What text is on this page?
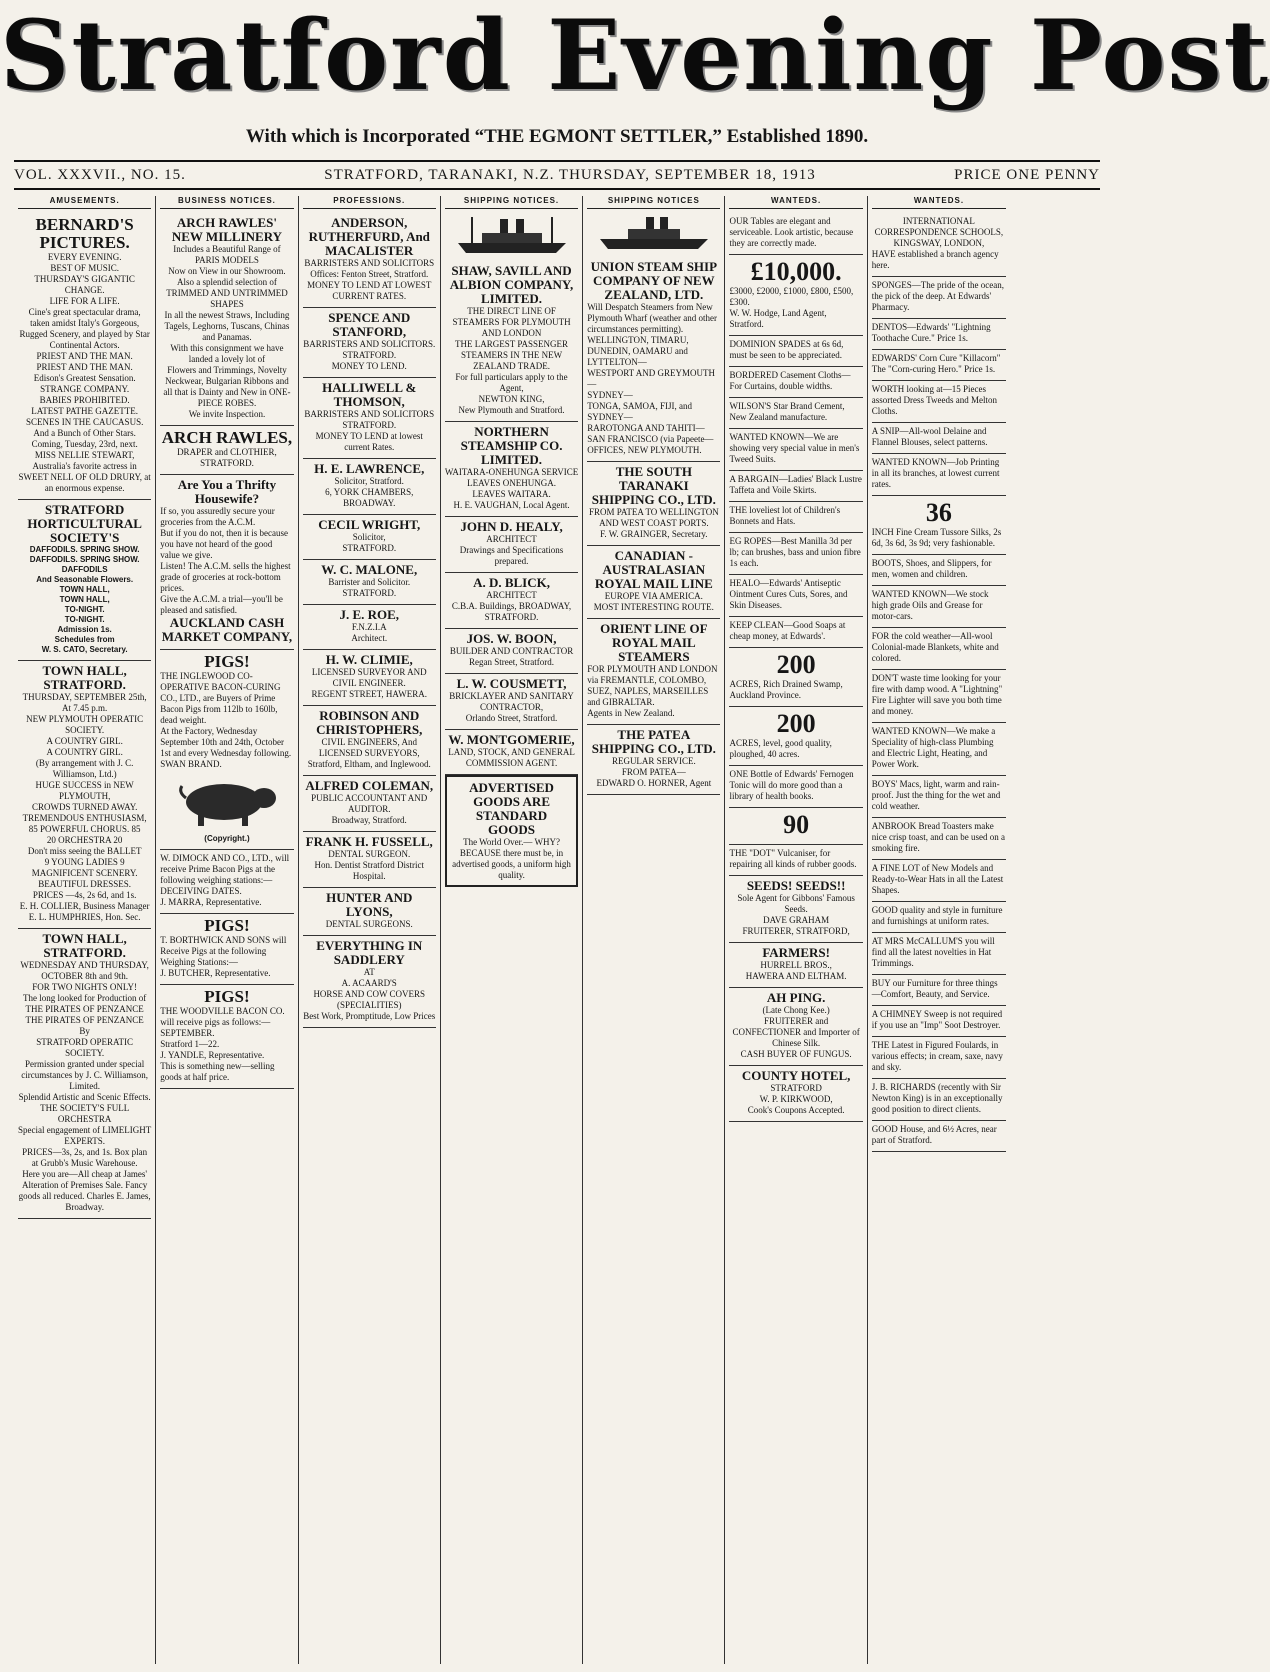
Stratford Evening Post
With which is Incorporated “THE EGMONT SETTLER,” Established 1890.
VOL. XXXVII., NO. 15.	STRATFORD, TARANAKI, N.Z. THURSDAY, SEPTEMBER 18, 1913	PRICE ONE PENNY
AMUSEMENTS.
BERNARD'S PICTURES.
EVERY EVENING.
BEST OF MUSIC.
THURSDAY'S GIGANTIC CHANGE.
LIFE FOR A LIFE.
Cine's great spectacular drama, taken amidst Italy's Gorgeous, Rugged Scenery, and played by Star Continental Actors.
PRIEST AND THE MAN.
PRIEST AND THE MAN.
Edison's Greatest Sensation.
STRANGE COMPANY.
BABIES PROHIBITED.
LATEST PATHE GAZETTE.
SCENES IN THE CAUCASUS.
And a Bunch of Other Stars.
Coming, Tuesday, 23rd, next.
MISS NELLIE STEWART, Australia's favorite actress in SWEET NELL OF OLD DRURY, at an enormous expense.
STRATFORD HORTICULTURAL SOCIETY'S
DAFFODILS. SPRING SHOW.
DAFFODILS. SPRING SHOW.
DAFFODILS
And Seasonable Flowers.
TOWN HALL,
TOWN HALL,
TO-NIGHT.
TO-NIGHT.
Admission 1s.
Schedules from
W. S. CATO, Secretary.
TOWN HALL, STRATFORD.
THURSDAY, SEPTEMBER 25th, At 7.45 p.m.
NEW PLYMOUTH OPERATIC SOCIETY.
A COUNTRY GIRL.
A COUNTRY GIRL.
(By arrangement with J. C. Williamson, Ltd.)
HUGE SUCCESS in NEW PLYMOUTH,
CROWDS TURNED AWAY.
TREMENDOUS ENTHUSIASM,
85 POWERFUL CHORUS. 85
20 ORCHESTRA 20
Don't miss seeing the BALLET
9 YOUNG LADIES 9
MAGNIFICENT SCENERY.
BEAUTIFUL DRESSES.
PRICES —4s, 2s 6d, and 1s.
E. H. COLLIER, Business Manager
E. L. HUMPHRIES, Hon. Sec.
TOWN HALL, STRATFORD.
WEDNESDAY AND THURSDAY,
OCTOBER 8th and 9th.
FOR TWO NIGHTS ONLY!
The long looked for Production of
THE PIRATES OF PENZANCE
THE PIRATES OF PENZANCE
By
STRATFORD OPERATIC SOCIETY.
Permission granted under special circumstances by J. C. Williamson, Limited.
Splendid Artistic and Scenic Effects.
THE SOCIETY'S FULL ORCHESTRA
Special engagement of LIMELIGHT EXPERTS.
PRICES—3s, 2s, and 1s. Box plan at Grubb's Music Warehouse.
Here you are—All cheap at James' Alteration of Premises Sale. Fancy goods all reduced. Charles E. James, Broadway.
BUSINESS NOTICES.
ARCH RAWLES'
NEW MILLINERY
Includes a Beautiful Range of PARIS MODELS
Now on View in our Showroom.
Also a splendid selection of TRIMMED AND UNTRIMMED SHAPES
In all the newest Straws, Including Tagels, Leghorns, Tuscans, Chinas and Panamas.
With this consignment we have landed a lovely lot of
Flowers and Trimmings, Novelty Neckwear, Bulgarian Ribbons and all that is Dainty and New in ONE-PIECE ROBES.
We invite Inspection.
ARCH RAWLES,
DRAPER and CLOTHIER, STRATFORD.
Are You a Thrifty Housewife?
If so, you assuredly secure your groceries from the A.C.M.
But if you do not, then it is because you have not heard of the good value we give.
Listen! The A.C.M. sells the highest grade of groceries at rock-bottom prices.
Give the A.C.M. a trial—you'll be pleased and satisfied.
AUCKLAND CASH MARKET COMPANY,
PIGS!
THE INGLEWOOD CO-OPERATIVE BACON-CURING CO., LTD., are Buyers of Prime Bacon Pigs from 112lb to 160lb, dead weight.
At the Factory, Wednesday September 10th and 24th, October 1st and every Wednesday following.
SWAN BRAND.
(Copyright.)
W. DIMOCK AND CO., LTD., will receive Prime Bacon Pigs at the following weighing stations:—
DECEIVING DATES.
J. MARRA, Representative.
PIGS!
T. BORTHWICK AND SONS will Receive Pigs at the following Weighing Stations:—
J. BUTCHER, Representative.
PIGS!
THE WOODVILLE BACON CO. will receive pigs as follows:—
SEPTEMBER.
Stratford 1—22.
J. YANDLE, Representative.
This is something new—selling goods at half price.
PROFESSIONS.
ANDERSON, RUTHERFURD, And MACALISTER
BARRISTERS AND SOLICITORS
Offices: Fenton Street, Stratford.
MONEY TO LEND AT LOWEST CURRENT RATES.
SPENCE AND STANFORD,
BARRISTERS AND SOLICITORS. STRATFORD.
MONEY TO LEND.
HALLIWELL & THOMSON,
BARRISTERS AND SOLICITORS STRATFORD.
MONEY TO LEND at lowest current Rates.
H. E. LAWRENCE,
Solicitor, Stratford.
6, YORK CHAMBERS, BROADWAY.
CECIL WRIGHT,
Solicitor,
STRATFORD.
W. C. MALONE,
Barrister and Solicitor.
STRATFORD.
J. E. ROE,
F.N.Z.I.A
Architect.
H. W. CLIMIE,
LICENSED SURVEYOR AND CIVIL ENGINEER.
REGENT STREET, HAWERA.
ROBINSON AND CHRISTOPHERS,
CIVIL ENGINEERS, And LICENSED SURVEYORS,
Stratford, Eltham, and Inglewood.
ALFRED COLEMAN,
PUBLIC ACCOUNTANT AND AUDITOR.
Broadway, Stratford.
FRANK H. FUSSELL,
DENTAL SURGEON.
Hon. Dentist Stratford District Hospital.
HUNTER AND LYONS,
DENTAL SURGEONS.
EVERYTHING IN SADDLERY
AT
A. ACAARD'S
HORSE AND COW COVERS (SPECIALITIES)
Best Work, Promptitude, Low Prices
SHIPPING NOTICES.
SHAW, SAVILL AND ALBION COMPANY, LIMITED.
THE DIRECT LINE OF STEAMERS FOR PLYMOUTH AND LONDON
THE LARGEST PASSENGER STEAMERS IN THE NEW ZEALAND TRADE.
For full particulars apply to the Agent,
NEWTON KING,
New Plymouth and Stratford.
NORTHERN STEAMSHIP CO. LIMITED.
WAITARA-ONEHUNGA SERVICE
LEAVES ONEHUNGA.
LEAVES WAITARA.
H. E. VAUGHAN, Local Agent.
JOHN D. HEALY,
ARCHITECT
Drawings and Specifications prepared.
A. D. BLICK,
ARCHITECT
C.B.A. Buildings, BROADWAY, STRATFORD.
JOS. W. BOON,
BUILDER AND CONTRACTOR
Regan Street, Stratford.
L. W. COUSMETT,
BRICKLAYER AND SANITARY CONTRACTOR,
Orlando Street, Stratford.
W. MONTGOMERIE,
LAND, STOCK, AND GENERAL COMMISSION AGENT.
ADVERTISED GOODS ARE STANDARD GOODS
The World Over.— WHY?
BECAUSE there must be, in advertised goods, a uniform high quality.
SHIPPING NOTICES
UNION STEAM SHIP COMPANY OF NEW ZEALAND, LTD.
Will Despatch Steamers from New Plymouth Wharf (weather and other circumstances permitting).
WELLINGTON, TIMARU, DUNEDIN, OAMARU and LYTTELTON—
WESTPORT AND GREYMOUTH—
SYDNEY—
TONGA, SAMOA, FIJI, and SYDNEY—
RAROTONGA AND TAHITI—
SAN FRANCISCO (via Papeete—
OFFICES, NEW PLYMOUTH.
THE SOUTH TARANAKI SHIPPING CO., LTD.
FROM PATEA TO WELLINGTON AND WEST COAST PORTS.
F. W. GRAINGER, Secretary.
CANADIAN - AUSTRALASIAN ROYAL MAIL LINE
EUROPE VIA AMERICA.
MOST INTERESTING ROUTE.
ORIENT LINE OF ROYAL MAIL STEAMERS
FOR PLYMOUTH AND LONDON via FREMANTLE, COLOMBO, SUEZ, NAPLES, MARSEILLES and GIBRALTAR.
Agents in New Zealand.
THE PATEA SHIPPING CO., LTD.
REGULAR SERVICE.
FROM PATEA—
EDWARD O. HORNER, Agent
WANTEDS.
OUR Tables are elegant and serviceable. Look artistic, because they are correctly made.
£10,000.
£3000, £2000, £1000, £800, £500, £300.
W. W. Hodge, Land Agent, Stratford.
DOMINION SPADES at 6s 6d, must be seen to be appreciated.
BORDERED Casement Cloths—For Curtains, double widths.
WILSON'S Star Brand Cement, New Zealand manufacture.
WANTED KNOWN—We are showing very special value in men's Tweed Suits.
A BARGAIN—Ladies' Black Lustre Taffeta and Voile Skirts.
THE loveliest lot of Children's Bonnets and Hats.
EG ROPES—Best Manilla 3d per lb; can brushes, bass and union fibre 1s each.
HEALO—Edwards' Antiseptic Ointment Cures Cuts, Sores, and Skin Diseases.
KEEP CLEAN—Good Soaps at cheap money, at Edwards'.
200
ACRES, Rich Drained Swamp, Auckland Province.
200
ACRES, level, good quality, ploughed, 40 acres.
ONE Bottle of Edwards' Fernogen Tonic will do more good than a library of health books.
90
THE "DOT" Vulcaniser, for repairing all kinds of rubber goods.
SEEDS! SEEDS!!
Sole Agent for Gibbons' Famous Seeds.
DAVE GRAHAM
FRUITERER, STRATFORD,
FARMERS!
HURRELL BROS.,
HAWERA AND ELTHAM.
AH PING.
(Late Chong Kee.)
FRUITERER and CONFECTIONER and Importer of Chinese Silk.
CASH BUYER OF FUNGUS.
COUNTY HOTEL,
STRATFORD
W. P. KIRKWOOD,
Cook's Coupons Accepted.
WANTEDS.
INTERNATIONAL CORRESPONDENCE SCHOOLS, KINGSWAY, LONDON,
HAVE established a branch agency here.
SPONGES—The pride of the ocean, the pick of the deep. At Edwards' Pharmacy.
DENTOS—Edwards' "Lightning Toothache Cure." Price 1s.
EDWARDS' Corn Cure "Killacorn" The "Corn-curing Hero." Price 1s.
WORTH looking at—15 Pieces assorted Dress Tweeds and Melton Cloths.
A SNIP—All-wool Delaine and Flannel Blouses, select patterns.
WANTED KNOWN—Job Printing in all its branches, at lowest current rates.
36
INCH Fine Cream Tussore Silks, 2s 6d, 3s 6d, 3s 9d; very fashionable.
BOOTS, Shoes, and Slippers, for men, women and children.
WANTED KNOWN—We stock high grade Oils and Grease for motor-cars.
FOR the cold weather—All-wool Colonial-made Blankets, white and colored.
DON'T waste time looking for your fire with damp wood. A "Lightning" Fire Lighter will save you both time and money.
WANTED KNOWN—We make a Speciality of high-class Plumbing and Electric Light, Heating, and Power Work.
BOYS' Macs, light, warm and rain-proof. Just the thing for the wet and cold weather.
ANBROOK Bread Toasters make nice crisp toast, and can be used on a smoking fire.
A FINE LOT of New Models and Ready-to-Wear Hats in all the Latest Shapes.
GOOD quality and style in furniture and furnishings at uniform rates.
AT MRS McCALLUM'S you will find all the latest novelties in Hat Trimmings.
BUY our Furniture for three things—Comfort, Beauty, and Service.
A CHIMNEY Sweep is not required if you use an "Imp" Soot Destroyer.
THE Latest in Figured Foulards, in various effects; in cream, saxe, navy and sky.
J. B. RICHARDS (recently with Sir Newton King) is in an exceptionally good position to direct clients.
GOOD House, and 6½ Acres, near part of Stratford.
